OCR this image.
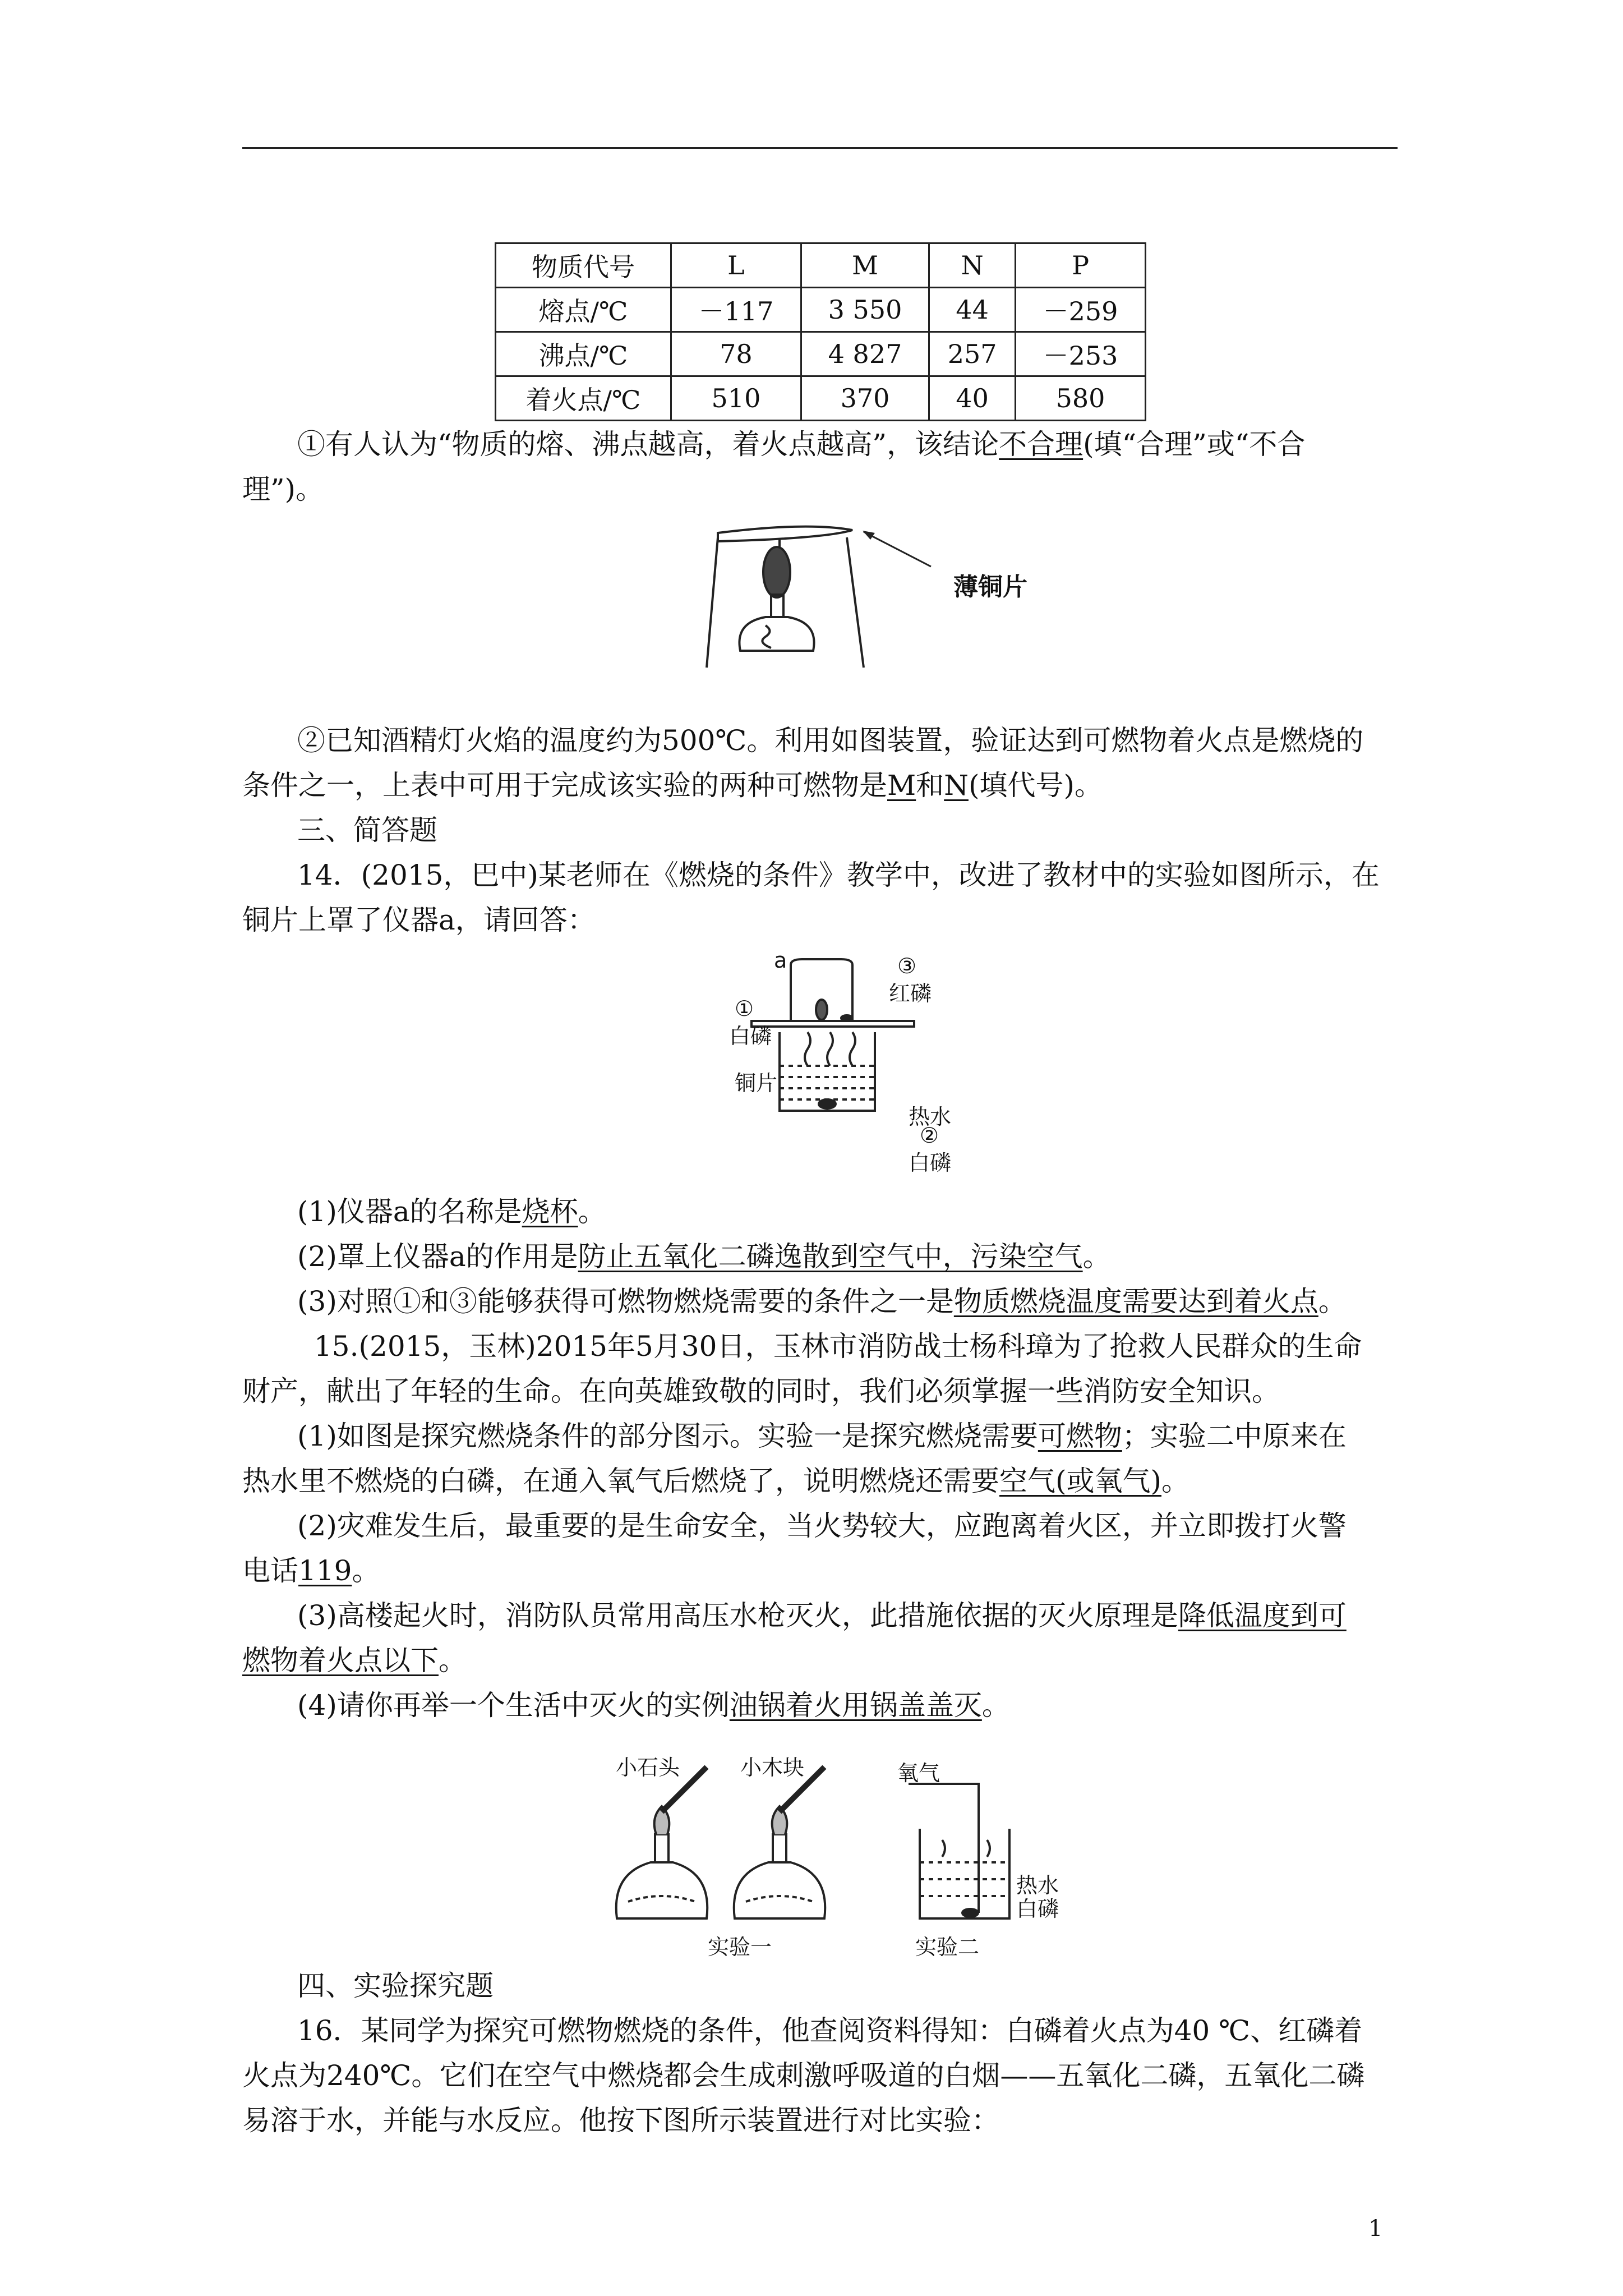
物质代号	L	M	N	P
熔点/℃	－117	3 550	44	－259
沸点/℃	78	4 827	257	－253
着火点/℃	510	370	40	580
①有人认为“物质的熔、沸点越高，着火点越高”，该结论不合理(填“合理”或“不合
理”)。
薄铜片
②已知酒精灯火焰的温度约为500℃。利用如图装置，验证达到可燃物着火点是燃烧的
条件之一，上表中可用于完成该实验的两种可燃物是M和N(填代号)。
三、简答题
14．(2015，巴中)某老师在《燃烧的条件》教学中，改进了教材中的实验如图所示，在
铜片上罩了仪器a，请回答：
a
①
白磷
③
红磷
铜片
热水
②
白磷
(1)仪器a的名称是烧杯。
(2)罩上仪器a的作用是防止五氧化二磷逸散到空气中，污染空气。
(3)对照①和③能够获得可燃物燃烧需要的条件之一是物质燃烧温度需要达到着火点。
15.(2015，玉林)2015年5月30日，玉林市消防战士杨科璋为了抢救人民群众的生命
财产，献出了年轻的生命。在向英雄致敬的同时，我们必须掌握一些消防安全知识。
(1)如图是探究燃烧条件的部分图示。实验一是探究燃烧需要可燃物；实验二中原来在
热水里不燃烧的白磷，在通入氧气后燃烧了，说明燃烧还需要空气(或氧气)。
(2)灾难发生后，最重要的是生命安全，当火势较大，应跑离着火区，并立即拨打火警
电话119。
(3)高楼起火时，消防队员常用高压水枪灭火，此措施依据的灭火原理是降低温度到可
燃物着火点以下。
(4)请你再举一个生活中灭火的实例油锅着火用锅盖盖灭。
小石头	小木块
实验一
氧气
热水
白磷
实验二
四、实验探究题
16．某同学为探究可燃物燃烧的条件，他查阅资料得知：白磷着火点为40 ℃、红磷着
火点为240℃。它们在空气中燃烧都会生成刺激呼吸道的白烟——五氧化二磷，五氧化二磷
易溶于水，并能与水反应。他按下图所示装置进行对比实验：
1
